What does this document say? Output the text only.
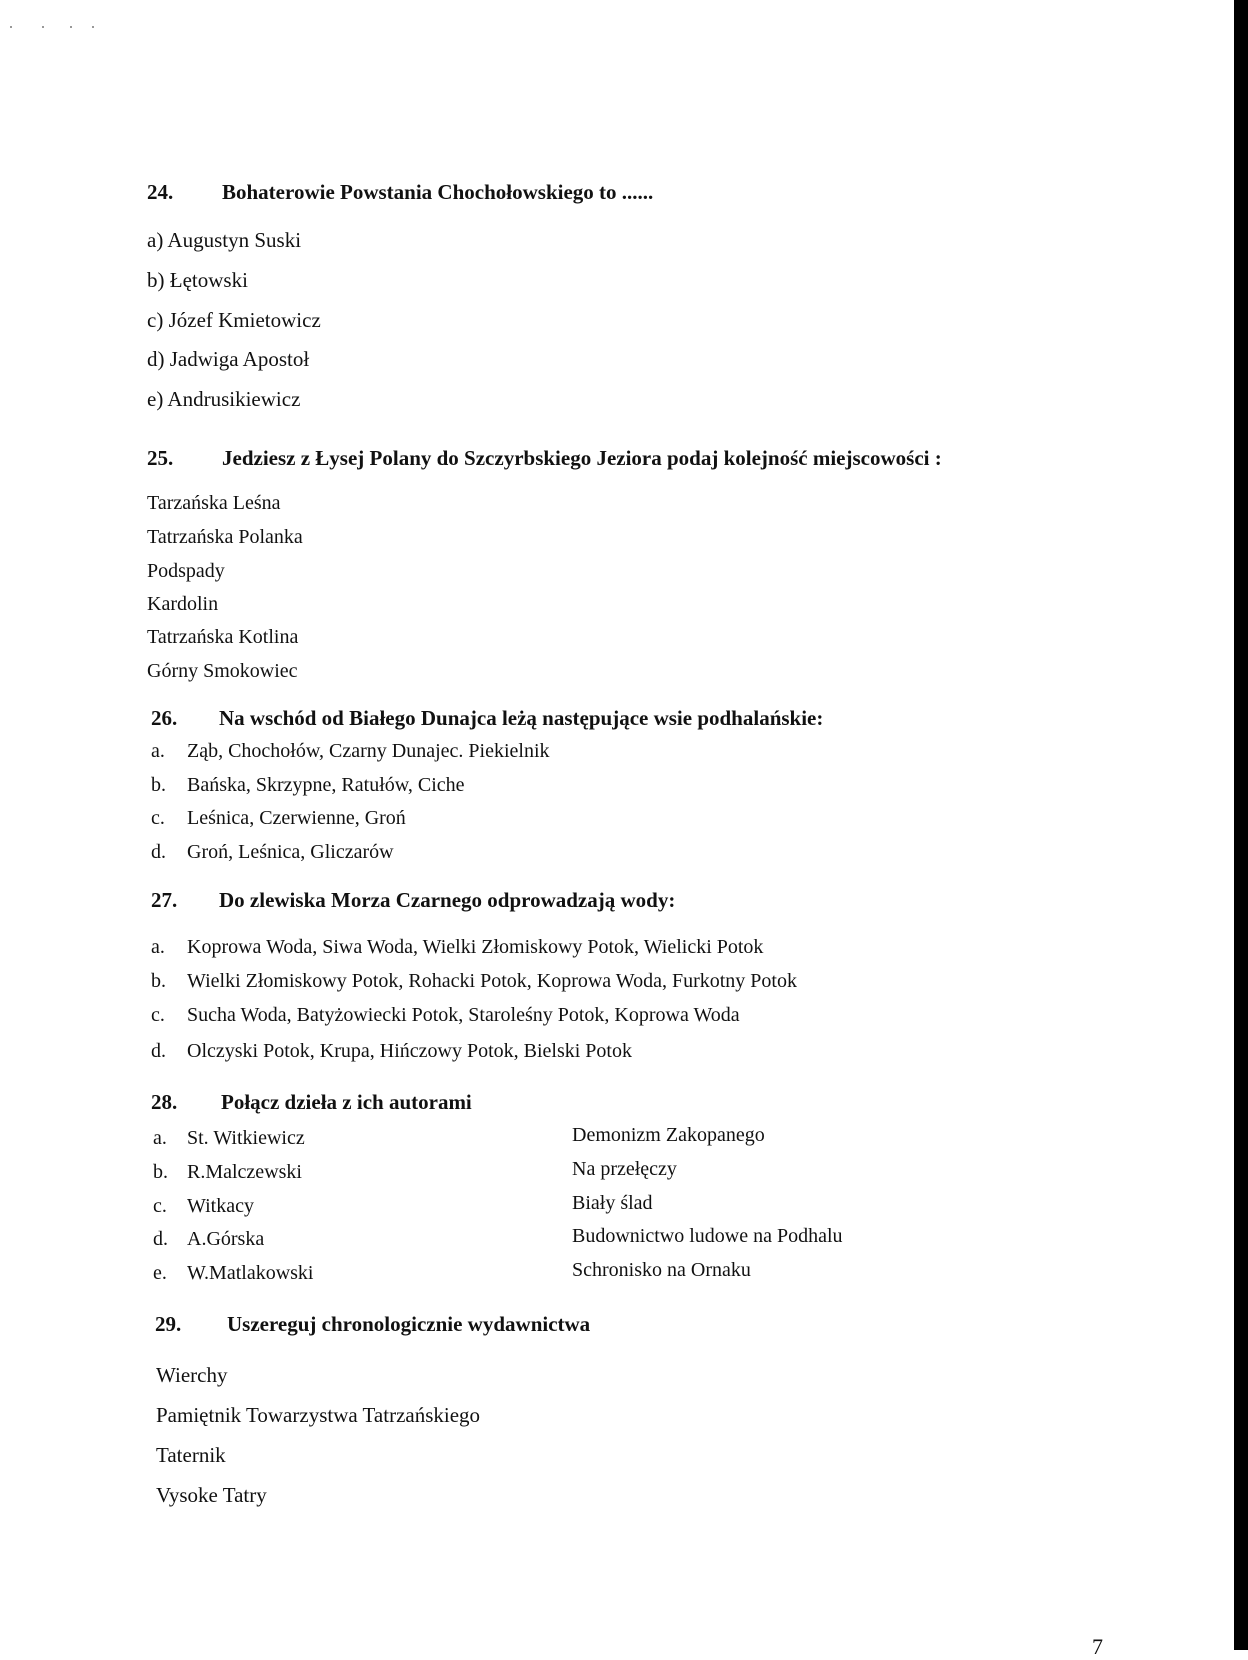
24. Bohaterowie Powstania Chochołowskiego to ......
a) Augustyn Suski
b) Łętowski
c) Józef Kmietowicz
d) Jadwiga Apostoł
e) Andrusikiewicz
25. Jedziesz z Łysej Polany do Szczyrbskiego Jeziora podaj kolejność miejscowości :
Tarzańska Leśna
Tatrzańska Polanka
Podspady
Kardolin
Tatrzańska Kotlina
Górny Smokowiec
26. Na wschód od Białego Dunajca leżą następujące wsie podhalańskie:
a. Ząb, Chochołów, Czarny Dunajec. Piekielnik
b. Bańska, Skrzypne, Ratułów, Ciche
c. Leśnica, Czerwienne, Groń
d. Groń, Leśnica, Gliczarów
27. Do zlewiska Morza Czarnego odprowadzają wody:
a. Koprowa Woda, Siwa Woda, Wielki Złomiskowy Potok, Wielicki Potok
b. Wielki Złomiskowy Potok, Rohacki Potok, Koprowa Woda, Furkotny Potok
c. Sucha Woda, Batyżowiecki Potok, Staroleśny Potok, Koprowa Woda
d. Olczyski Potok, Krupa, Hińczowy Potok, Bielski Potok
28. Połącz dzieła z ich autorami
a. St. Witkiewicz
b. R.Malczewski
c. Witkacy
d. A.Górska
e. W.Matlakowski
Demonizm Zakopanego
Na przełęczy
Biały ślad
Budownictwo ludowe na Podhalu
Schronisko na Ornaku
29. Uszereguj chronologicznie wydawnictwa
Wierchy
Pamiętnik Towarzystwa Tatrzańskiego
Taternik
Vysoke Tatry
7
